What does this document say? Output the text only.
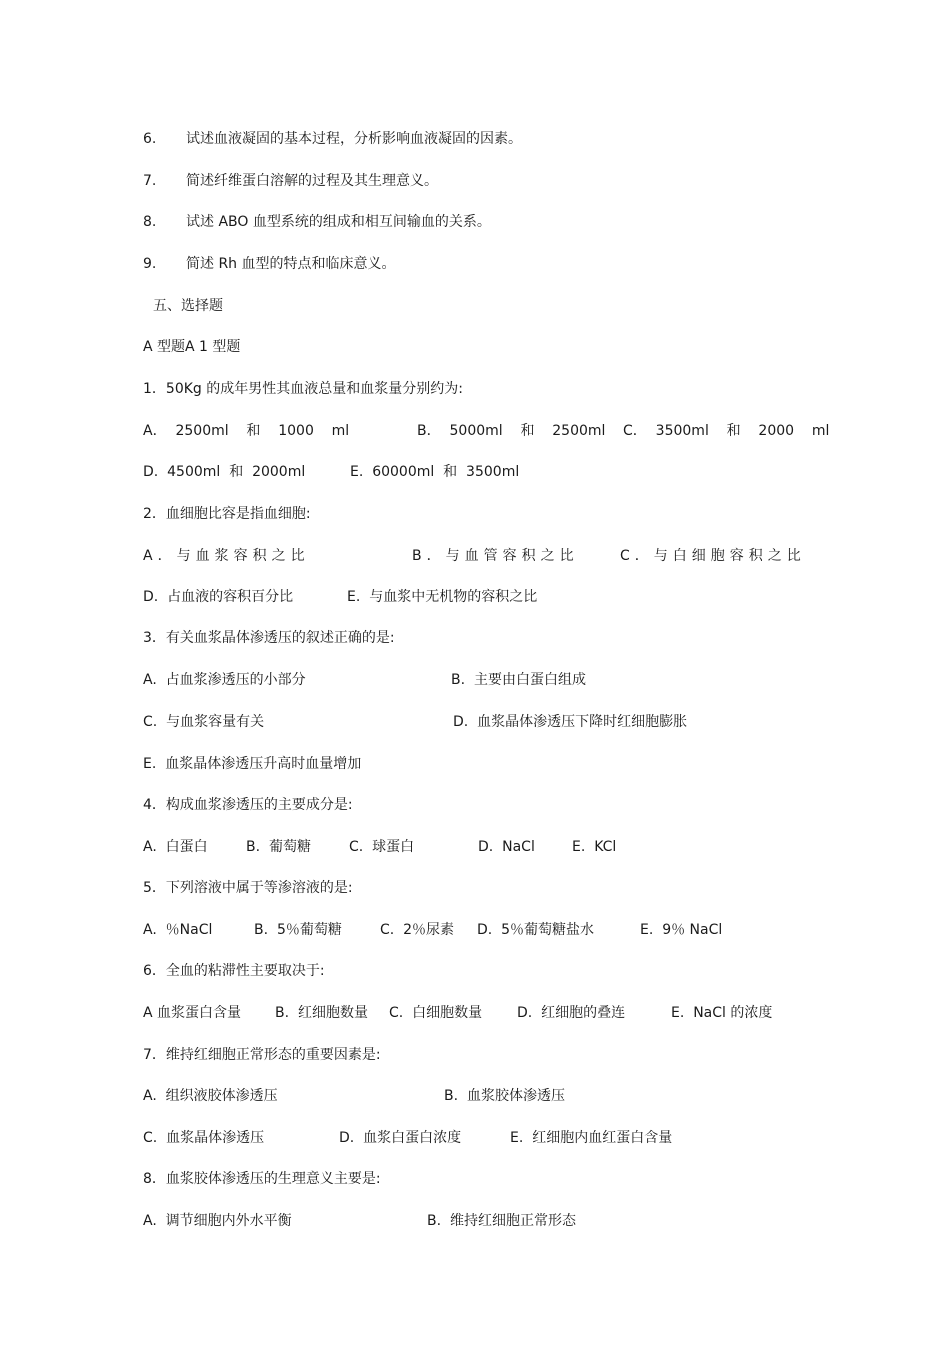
6. 试述血液凝固的基本过程，分析影响血液凝固的因素。
7. 简述纤维蛋白溶解的过程及其生理意义。
8. 试述 ABO 血型系统的组成和相互间输血的关系。
9. 简述 Rh 血型的特点和临床意义。
五、选择题
A 型题A 1 型题
1．50Kg 的成年男性其血液总量和血浆量分别约为:
A．  2500ml    和    1000    ml	B．  5000ml    和    2500ml C．  3500ml    和    2000    ml
D.  4500ml  和  2000ml	E.  60000ml  和  3500ml
2．血细胞比容是指血细胞:
A．与血浆容积之比	B．与血管容积之比	C．与白细胞容积之比
D.  占血液的容积百分比	E.  与血浆中无机物的容积之比
3．有关血浆晶体渗透压的叙述正确的是:
A.  占血浆渗透压的小部分	B.  主要由白蛋白组成
C.  与血浆容量有关	D.  血浆晶体渗透压下降时红细胞膨胀
E.  血浆晶体渗透压升高时血量增加
4．构成血浆渗透压的主要成分是:
A.  白蛋白	B.  葡萄糖	C.  球蛋白	D.  NaCl	E.  KCl
5．下列溶液中属于等渗溶液的是:
A.  ％NaCl	B.  5％葡萄糖	C.  2％尿素 D.  5％葡萄糖盐水	E.  9％ NaCl
6．全血的粘滞性主要取决于:
A 血浆蛋白含量 B.  红细胞数量 C.  白细胞数量 D.  红细胞的叠连	E.  NaCl 的浓度
7．维持红细胞正常形态的重要因素是:
A.  组织液胶体渗透压	B.  血浆胶体渗透压
C.  血浆晶体渗透压	D.  血浆白蛋白浓度	E.  红细胞内血红蛋白含量
8．血浆胶体渗透压的生理意义主要是:
A.  调节细胞内外水平衡	B.  维持红细胞正常形态
